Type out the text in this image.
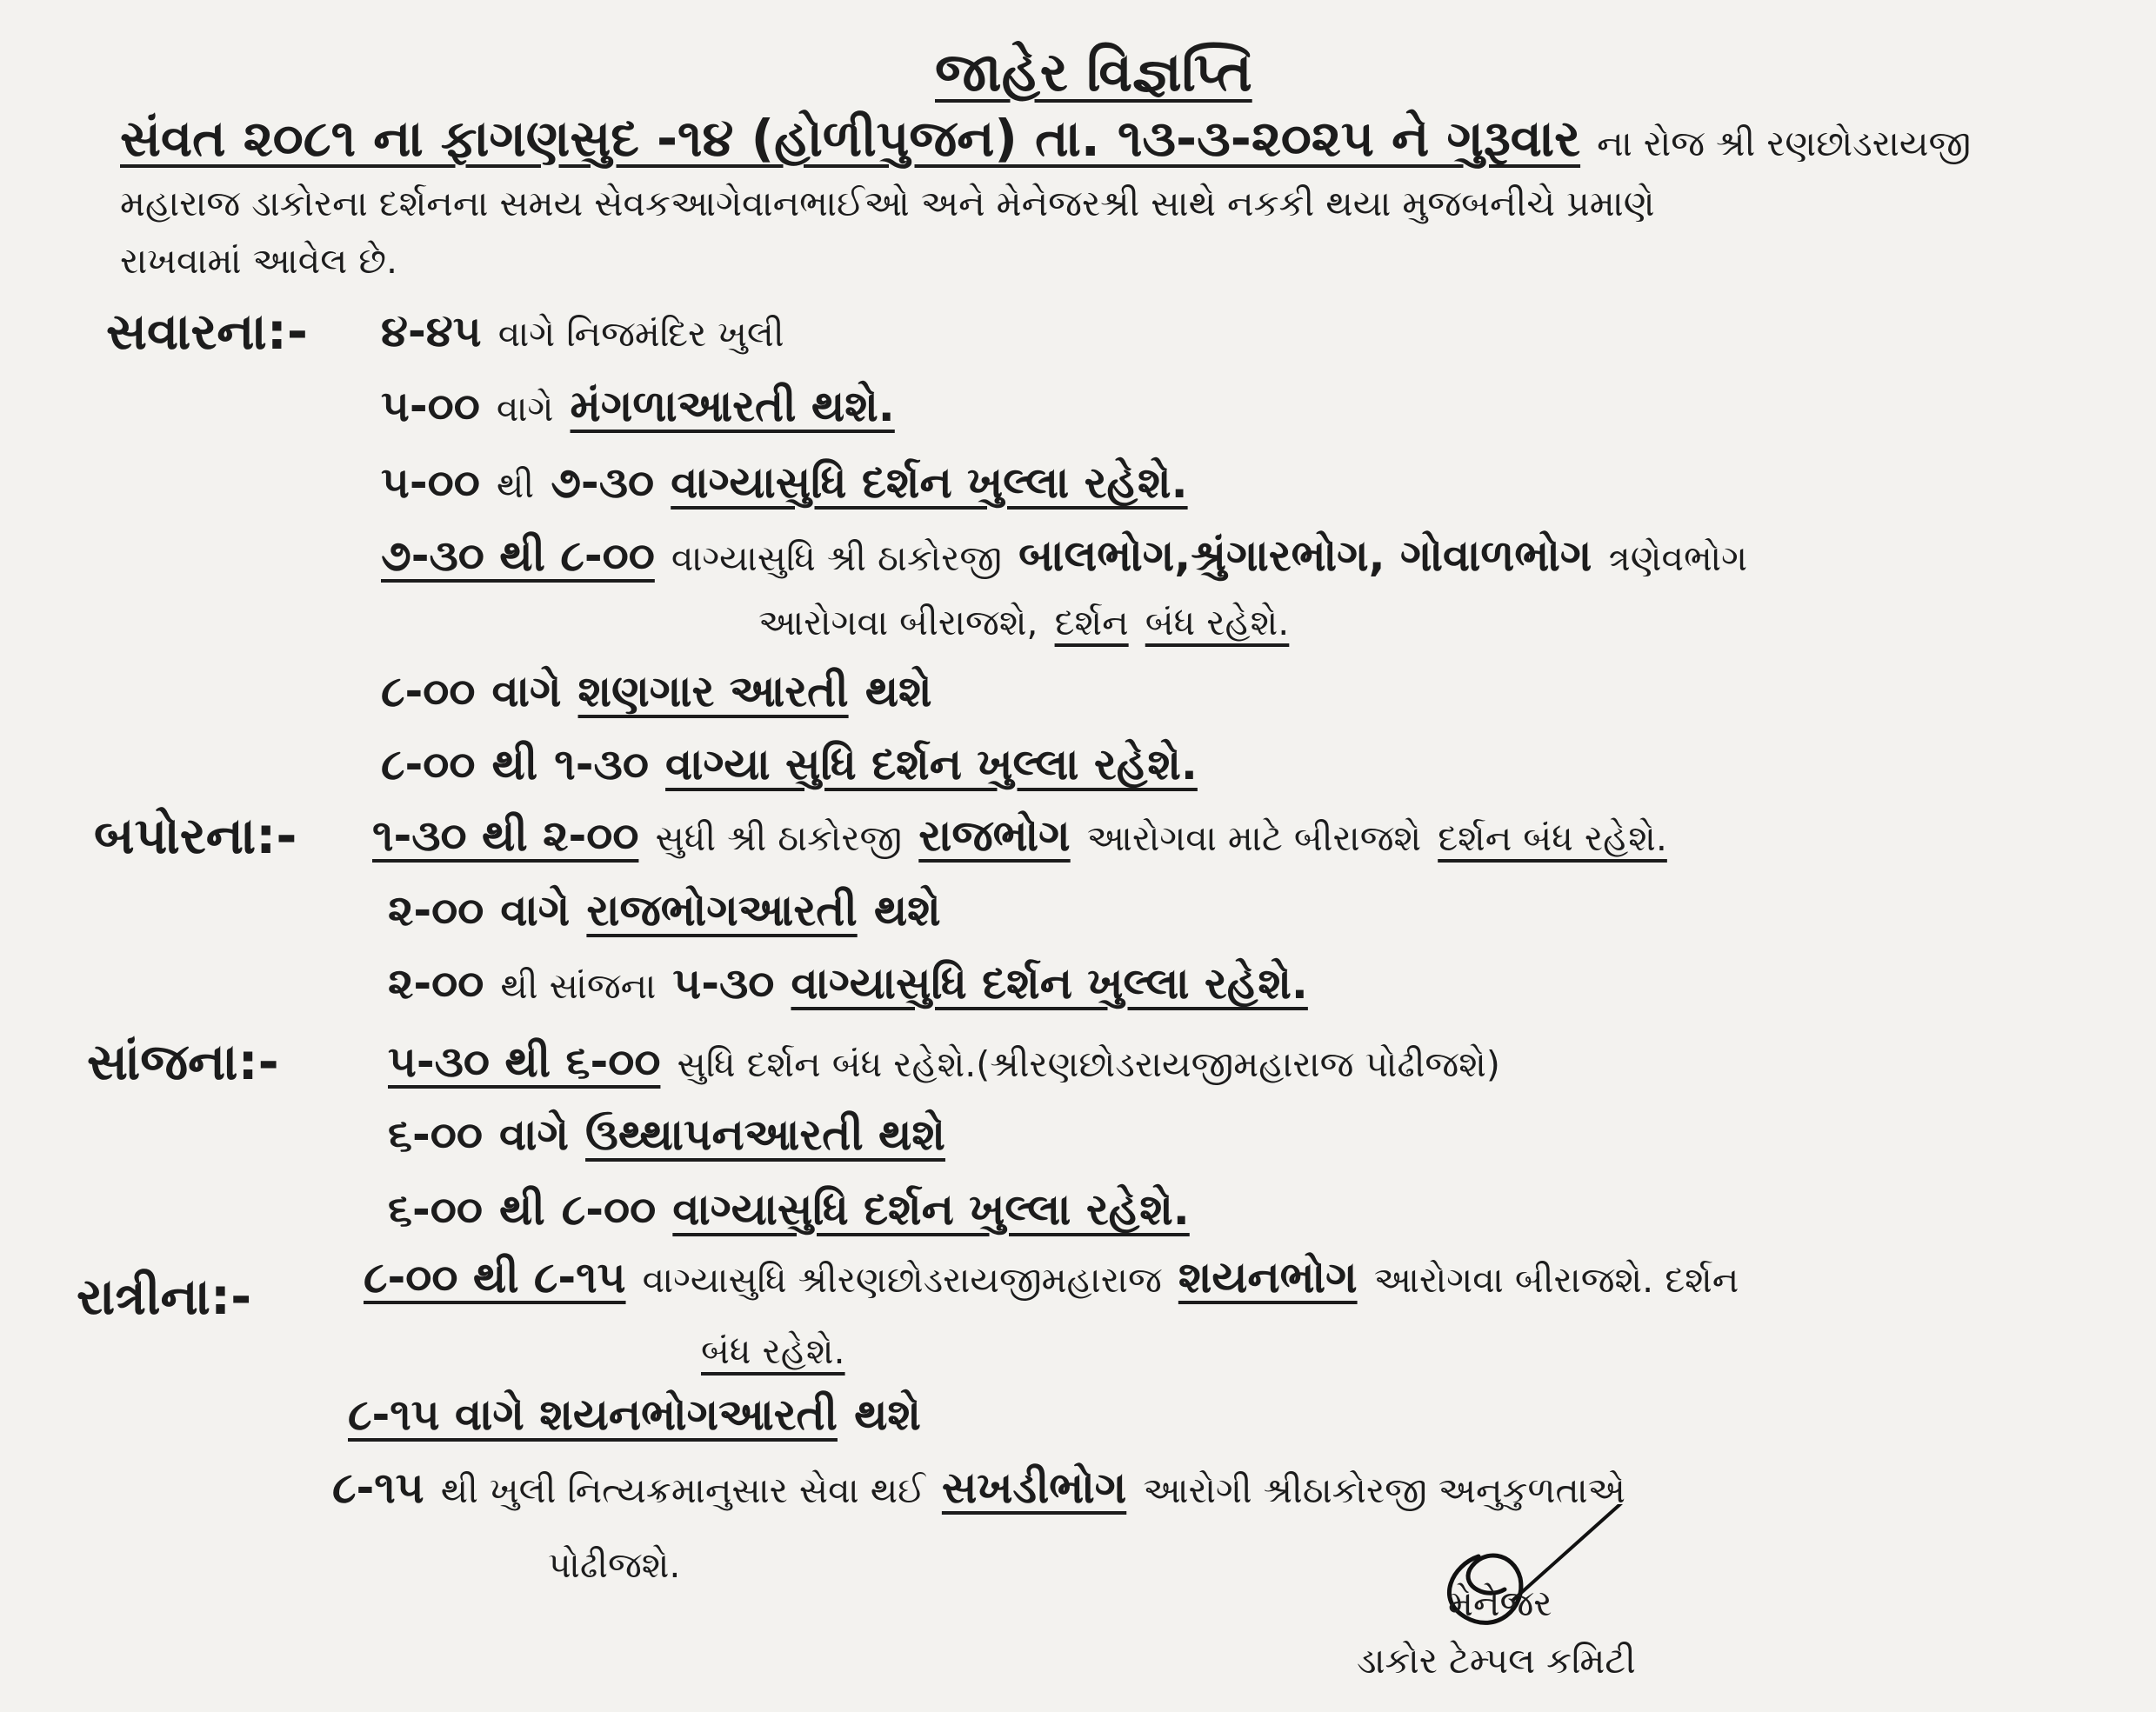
જાહેર વિજ્ઞપ્તિ
સંવત ૨૦૮૧ ના ફાગણસુદ -૧૪ (હોળીપુજન) તા. ૧૩-૩-૨૦૨૫ ને ગુરૂવાર ના રોજ શ્રી રણછોડરાયજી
મહારાજ ડાકોરના દર્શનના સમય સેવકઆગેવાનભાઈઓ અને મેનેજરશ્રી સાથે નકકી થયા મુજબનીચે પ્રમાણે
રાખવામાં આવેલ છે.
સવારના:- ૪-૪૫ વાગે નિજમંદિર ખુલી
૫-૦૦ વાગે મંગળાઆરતી થશે.
૫-૦૦ થી ૭-૩૦ વાગ્યાસુધિ દર્શન ખુલ્લા રહેશે.
૭-૩૦ થી ૮-૦૦ વાગ્યાસુધિ શ્રી ઠાકોરજી બાલભોગ,શ્રુંગારભોગ, ગોવાળભોગ ત્રણેવભોગ
આરોગવા બીરાજશે, દર્શન બંધ રહેશે.
૮-૦૦ વાગે શણગાર આરતી થશે
૮-૦૦ થી ૧-૩૦ વાગ્યા સુધિ દર્શન ખુલ્લા રહેશે.
બપોરના:- ૧-૩૦ થી ૨-૦૦ સુધી શ્રી ઠાકોરજી રાજભોગ આરોગવા માટે બીરાજશે દર્શન બંધ રહેશે.
૨-૦૦ વાગે રાજભોગઆરતી થશે
૨-૦૦ થી સાંજના ૫-૩૦ વાગ્યાસુધિ દર્શન ખુલ્લા રહેશે.
સાંજના:-	૫-૩૦ થી ૬-૦૦ સુધિ દર્શન બંધ રહેશે.(શ્રીરણછોડરાયજીમહારાજ પોઢીજશે)
૬-૦૦ વાગે ઉથ્થાપનઆરતી થશે
૬-૦૦ થી ૮-૦૦ વાગ્યાસુધિ દર્શન ખુલ્લા રહેશે.
રાત્રીના:-	૮-૦૦ થી ૮-૧૫ વાગ્યાસુધિ શ્રીરણછોડરાયજીમહારાજ શયનભોગ આરોગવા બીરાજશે. દર્શન
બંધ રહેશે.
૮-૧૫ વાગે શયનભોગઆરતી થશે
૮-૧૫ થી ખુલી નિત્યક્રમાનુસાર સેવા થઈ સખડીભોગ આરોગી શ્રીઠાકોરજી અનુકુળતાએ
પોઢીજશે.
મેનેજર
ડાકોર ટેમ્પલ કમિટી
